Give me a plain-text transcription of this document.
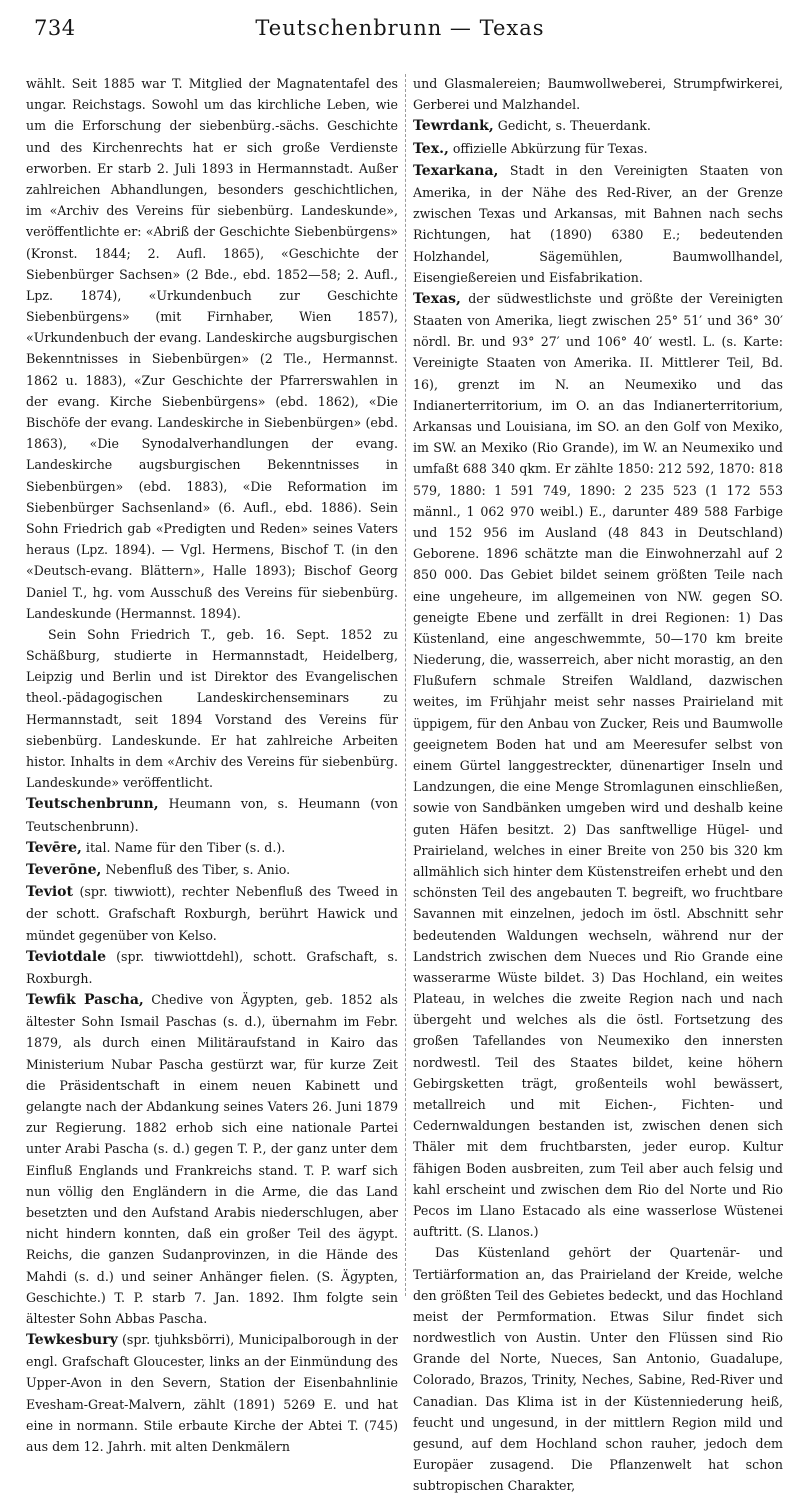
734	Teutschenbrunn — Texas

wählt. Seit 1885 war T. Mitglied der Magnatentafel des ungar. Reichstags. Sowohl um das kirchliche Leben, wie um die Erforschung der siebenbürg.-sächs. Geschichte und des Kirchenrechts hat er sich große Verdienste erworben. Er starb 2. Juli 1893 in Hermannstadt. Außer zahlreichen Abhandlungen, besonders geschichtlichen, im «Archiv des Vereins für siebenbürg. Landeskunde», veröffentlichte er: «Abriß der Geschichte Siebenbürgens» (Kronst. 1844; 2. Aufl. 1865), «Geschichte der Siebenbürger Sachsen» (2 Bde., ebd. 1852—58; 2. Aufl., Lpz. 1874), «Urkundenbuch zur Geschichte Siebenbürgens» (mit Firnhaber, Wien 1857), «Urkundenbuch der evang. Landeskirche augsburgischen Bekenntnisses in Siebenbürgen» (2 Tle., Hermannst. 1862 u. 1883), «Zur Geschichte der Pfarrerswahlen in der evang. Kirche Siebenbürgens» (ebd. 1862), «Die Bischöfe der evang. Landeskirche in Siebenbürgen» (ebd. 1863), «Die Synodalverhandlungen der evang. Landeskirche augsburgischen Bekenntnisses in Siebenbürgen» (ebd. 1883), «Die Reformation im Siebenbürger Sachsenland» (6. Aufl., ebd. 1886). Sein Sohn Friedrich gab «Predigten und Reden» seines Vaters heraus (Lpz. 1894). — Vgl. Hermens, Bischof T. (in den «Deutsch-evang. Blättern», Halle 1893); Bischof Georg Daniel T., hg. vom Ausschuß des Vereins für siebenbürg. Landeskunde (Hermannst. 1894).

Sein Sohn Friedrich T., geb. 16. Sept. 1852 zu Schäßburg, studierte in Hermannstadt, Heidelberg, Leipzig und Berlin und ist Direktor des Evangelischen theol.-pädagogischen Landeskirchenseminars zu Hermannstadt, seit 1894 Vorstand des Vereins für siebenbürg. Landeskunde. Er hat zahlreiche Arbeiten histor. Inhalts in dem «Archiv des Vereins für siebenbürg. Landeskunde» veröffentlicht.

Teutschenbrunn, Heumann von, s. Heumann (von Teutschenbrunn).

Tevēre, ital. Name für den Tiber (s. d.).

Teverōne, Nebenfluß des Tiber, s. Anio.

Teviot (spr. tiwwiott), rechter Nebenfluß des Tweed in der schott. Grafschaft Roxburgh, berührt Hawick und mündet gegenüber von Kelso.

Teviotdale (spr. tiwwiottdehl), schott. Grafschaft, s. Roxburgh.

Tewfik Pascha, Chedive von Ägypten, geb. 1852 als ältester Sohn Ismail Paschas (s. d.), übernahm im Febr. 1879, als durch einen Militäraufstand in Kairo das Ministerium Nubar Pascha gestürzt war, für kurze Zeit die Präsidentschaft in einem neuen Kabinett und gelangte nach der Abdankung seines Vaters 26. Juni 1879 zur Regierung. 1882 erhob sich eine nationale Partei unter Arabi Pascha (s. d.) gegen T. P., der ganz unter dem Einfluß Englands und Frankreichs stand. T. P. warf sich nun völlig den Engländern in die Arme, die das Land besetzten und den Aufstand Arabis niederschlugen, aber nicht hindern konnten, daß ein großer Teil des ägypt. Reichs, die ganzen Sudanprovinzen, in die Hände des Mahdi (s. d.) und seiner Anhänger fielen. (S. Ägypten, Geschichte.) T. P. starb 7. Jan. 1892. Ihm folgte sein ältester Sohn Abbas Pascha.

Tewkesbury (spr. tjuhksbörri), Municipalborough in der engl. Grafschaft Gloucester, links an der Einmündung des Upper-Avon in den Severn, Station der Eisenbahnlinie Evesham-Great-Malvern, zählt (1891) 5269 E. und hat eine in normann. Stile erbaute Kirche der Abtei T. (745) aus dem 12. Jahrh. mit alten Denkmälern

und Glasmalereien; Baumwollweberei, Strumpfwirkerei, Gerberei und Malzhandel.

Tewrdank, Gedicht, s. Theuerdank.

Tex., offizielle Abkürzung für Texas.

Texarkana, Stadt in den Vereinigten Staaten von Amerika, in der Nähe des Red-River, an der Grenze zwischen Texas und Arkansas, mit Bahnen nach sechs Richtungen, hat (1890) 6380 E.; bedeutenden Holzhandel, Sägemühlen, Baumwollhandel, Eisengießereien und Eisfabrikation.

Texas, der südwestlichste und größte der Vereinigten Staaten von Amerika, liegt zwischen 25° 51′ und 36° 30′ nördl. Br. und 93° 27′ und 106° 40′ westl. L. (s. Karte: Vereinigte Staaten von Amerika. II. Mittlerer Teil, Bd. 16), grenzt im N. an Neumexiko und das Indianerterritorium, im O. an das Indianerterritorium, Arkansas und Louisiana, im SO. an den Golf von Mexiko, im SW. an Mexiko (Rio Grande), im W. an Neumexiko und umfaßt 688 340 qkm. Er zählte 1850: 212 592, 1870: 818 579, 1880: 1 591 749, 1890: 2 235 523 (1 172 553 männl., 1 062 970 weibl.) E., darunter 489 588 Farbige und 152 956 im Ausland (48 843 in Deutschland) Geborene. 1896 schätzte man die Einwohnerzahl auf 2 850 000. Das Gebiet bildet seinem größten Teile nach eine ungeheure, im allgemeinen von NW. gegen SO. geneigte Ebene und zerfällt in drei Regionen: 1) Das Küstenland, eine angeschwemmte, 50—170 km breite Niederung, die, wasserreich, aber nicht morastig, an den Flußufern schmale Streifen Waldland, dazwischen weites, im Frühjahr meist sehr nasses Prairieland mit üppigem, für den Anbau von Zucker, Reis und Baumwolle geeignetem Boden hat und am Meeresufer selbst von einem Gürtel langgestreckter, dünenartiger Inseln und Landzungen, die eine Menge Stromlagunen einschließen, sowie von Sandbänken umgeben wird und deshalb keine guten Häfen besitzt. 2) Das sanftwellige Hügel- und Prairieland, welches in einer Breite von 250 bis 320 km allmählich sich hinter dem Küstenstreifen erhebt und den schönsten Teil des angebauten T. begreift, wo fruchtbare Savannen mit einzelnen, jedoch im östl. Abschnitt sehr bedeutenden Waldungen wechseln, während nur der Landstrich zwischen dem Nueces und Rio Grande eine wasserarme Wüste bildet. 3) Das Hochland, ein weites Plateau, in welches die zweite Region nach und nach übergeht und welches als die östl. Fortsetzung des großen Tafellandes von Neumexiko den innersten nordwestl. Teil des Staates bildet, keine höhern Gebirgsketten trägt, großenteils wohl bewässert, metallreich und mit Eichen-, Fichten- und Cedernwaldungen bestanden ist, zwischen denen sich Thäler mit dem fruchtbarsten, jeder europ. Kultur fähigen Boden ausbreiten, zum Teil aber auch felsig und kahl erscheint und zwischen dem Rio del Norte und Rio Pecos im Llano Estacado als eine wasserlose Wüstenei auftritt. (S. Llanos.)

Das Küstenland gehört der Quartenär- und Tertiärformation an, das Prairieland der Kreide, welche den größten Teil des Gebietes bedeckt, und das Hochland meist der Permformation. Etwas Silur findet sich nordwestlich von Austin. Unter den Flüssen sind Rio Grande del Norte, Nueces, San Antonio, Guadalupe, Colorado, Brazos, Trinity, Neches, Sabine, Red-River und Canadian. Das Klima ist in der Küstenniederung heiß, feucht und ungesund, in der mittlern Region mild und gesund, auf dem Hochland schon rauher, jedoch dem Europäer zusagend. Die Pflanzenwelt hat schon subtropischen Charakter,
